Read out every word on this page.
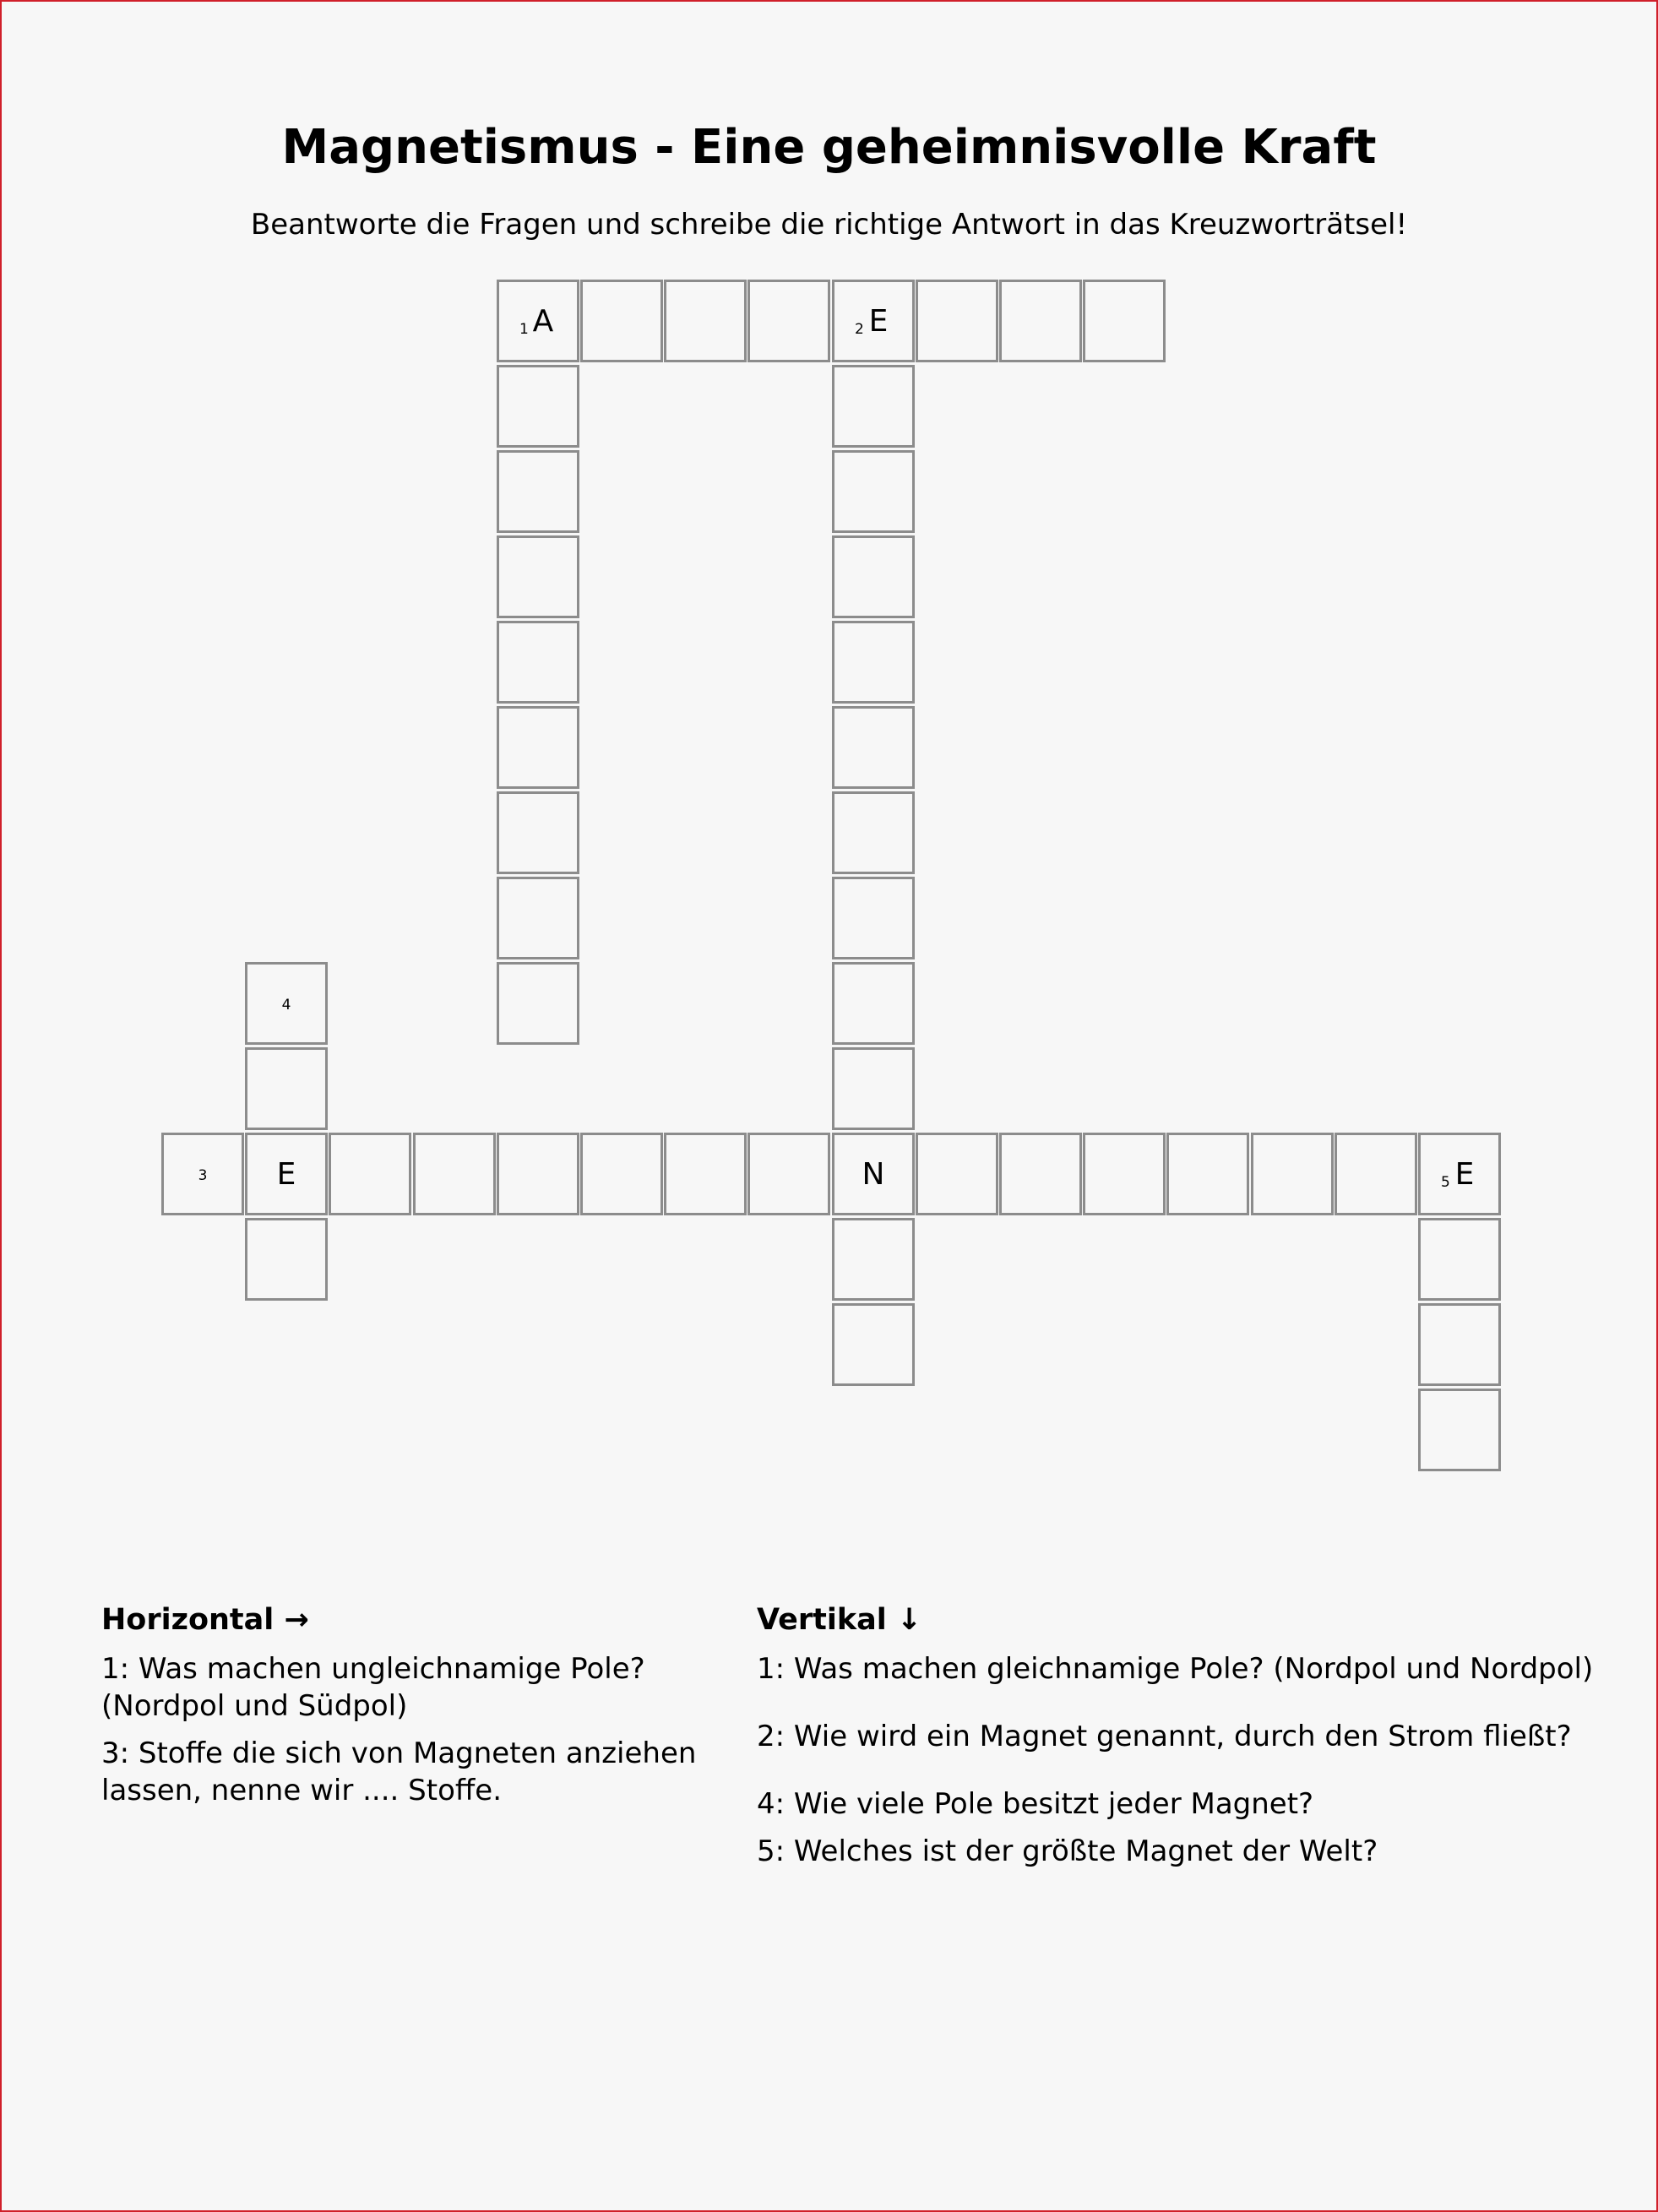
Magnetismus - Eine geheimnisvolle Kraft
Beantworte die Fragen und schreibe die richtige Antwort in das Kreuzworträtsel!
1 A	2 E
4
3	E	N	5 E
Horizontal →

1: Was machen ungleichnamige Pole? (Nordpol und Südpol)

3: Stoffe die sich von Magneten anziehen lassen, nenne wir .... Stoffe.

Vertikal ↓

1: Was machen gleichnamige Pole? (Nordpol und Nordpol)

2: Wie wird ein Magnet genannt, durch den Strom fließt?

4: Wie viele Pole besitzt jeder Magnet?

5: Welches ist der größte Magnet der Welt?
